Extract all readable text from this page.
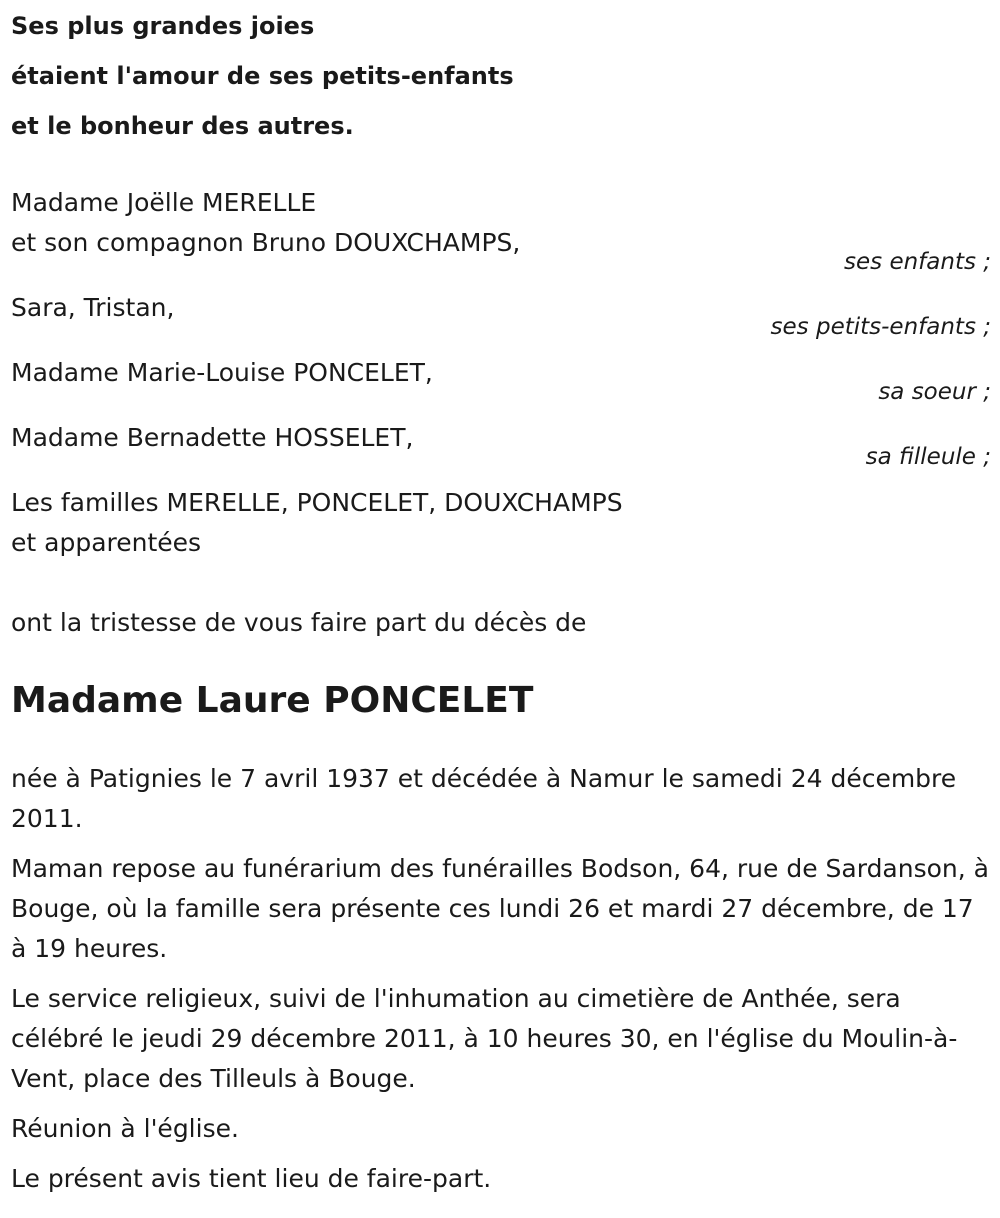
Ses plus grandes joies
étaient l'amour de ses petits-enfants
et le bonheur des autres.
Madame Joëlle MERELLE
et son compagnon Bruno DOUXCHAMPS,
ses enfants ;
Sara, Tristan,
ses petits-enfants ;
Madame Marie-Louise PONCELET,
sa soeur ;
Madame Bernadette HOSSELET,
sa filleule ;
Les familles MERELLE, PONCELET, DOUXCHAMPS
et apparentées
ont la tristesse de vous faire part du décès de
Madame Laure PONCELET
née à Patignies le 7 avril 1937 et décédée à Namur le samedi 24 décembre 2011.
Maman repose au funérarium des funérailles Bodson, 64, rue de Sardanson, à Bouge, où la famille sera présente ces lundi 26 et mardi 27 décembre, de 17 à 19 heures.
Le service religieux, suivi de l'inhumation au cimetière de Anthée, sera célébré le jeudi 29 décembre 2011, à 10 heures 30, en l'église du Moulin-à-Vent, place des Tilleuls à Bouge.
Réunion à l'église.
Le présent avis tient lieu de faire-part.
